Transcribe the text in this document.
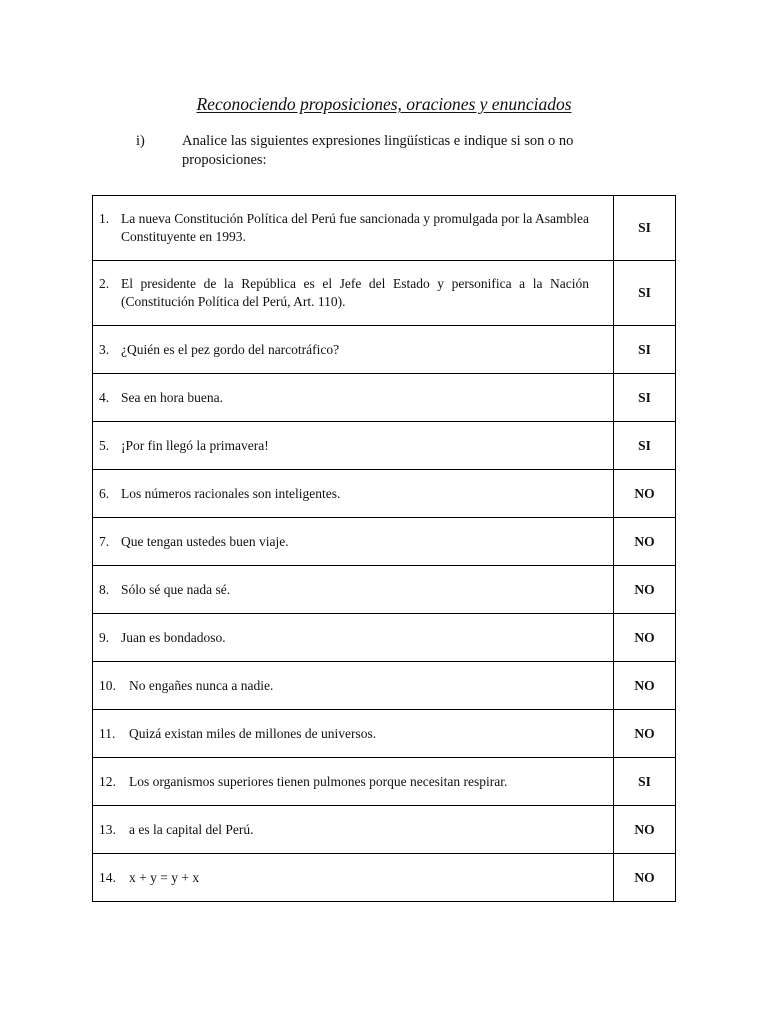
Reconociendo proposiciones, oraciones y enunciados
i)	Analice las siguientes expresiones lingüísticas e indique si son o no proposiciones:
1. La nueva Constitución Política del Perú fue sancionada y promulgada por la Asamblea Constituyente en 1993.	SI

2. El presidente de la República es el Jefe del Estado y personifica a la Nación (Constitución Política del Perú, Art. 110).	SI

3. ¿Quién es el pez gordo del narcotráfico?	SI

4. Sea en hora buena.	SI

5. ¡Por fin llegó la primavera!	SI

6. Los números racionales son inteligentes.	NO

7. Que tengan ustedes buen viaje.	NO

8. Sólo sé que nada sé.	NO

9. Juan es bondadoso.	NO

10. No engañes nunca a nadie.	NO

11. Quizá existan miles de millones de universos.	NO

12. Los organismos superiores tienen pulmones porque necesitan respirar.	SI

13. a es la capital del Perú.	NO

14. x + y = y + x	NO
